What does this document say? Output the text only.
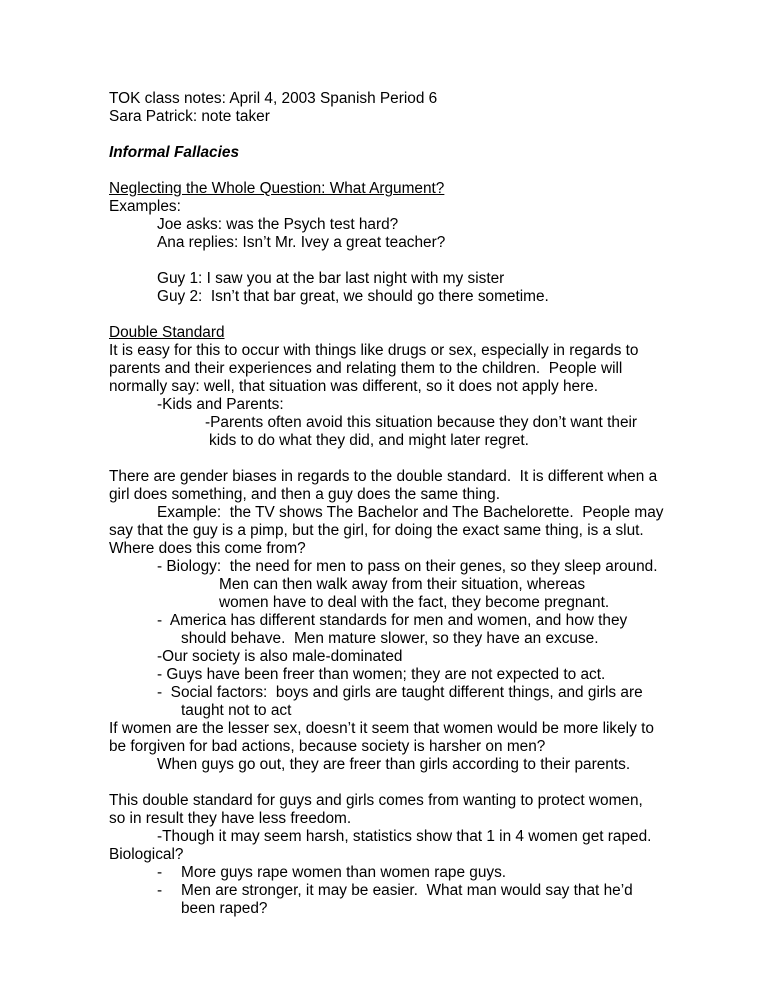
TOK class notes: April 4, 2003 Spanish Period 6
Sara Patrick: note taker
Informal Fallacies
Neglecting the Whole Question: What Argument?
Examples:
Joe asks: was the Psych test hard?
Ana replies: Isn’t Mr. Ivey a great teacher?
Guy 1: I saw you at the bar last night with my sister
Guy 2:  Isn’t that bar great, we should go there sometime.
Double Standard
It is easy for this to occur with things like drugs or sex, especially in regards to
parents and their experiences and relating them to the children.  People will
normally say: well, that situation was different, so it does not apply here.
-Kids and Parents:
-Parents often avoid this situation because they don’t want their
kids to do what they did, and might later regret.
There are gender biases in regards to the double standard.  It is different when a
girl does something, and then a guy does the same thing.
Example:  the TV shows The Bachelor and The Bachelorette.  People may
say that the guy is a pimp, but the girl, for doing the exact same thing, is a slut.
Where does this come from?
- Biology:  the need for men to pass on their genes, so they sleep around.
Men can then walk away from their situation, whereas
women have to deal with the fact, they become pregnant.
-  America has different standards for men and women, and how they
should behave.  Men mature slower, so they have an excuse.
-Our society is also male-dominated
- Guys have been freer than women; they are not expected to act.
-  Social factors:  boys and girls are taught different things, and girls are
taught not to act
If women are the lesser sex, doesn’t it seem that women would be more likely to
be forgiven for bad actions, because society is harsher on men?
When guys go out, they are freer than girls according to their parents.
This double standard for guys and girls comes from wanting to protect women,
so in result they have less freedom.
-Though it may seem harsh, statistics show that 1 in 4 women get raped.
Biological?
- More guys rape women than women rape guys.
- Men are stronger, it may be easier.  What man would say that he’d
been raped?
